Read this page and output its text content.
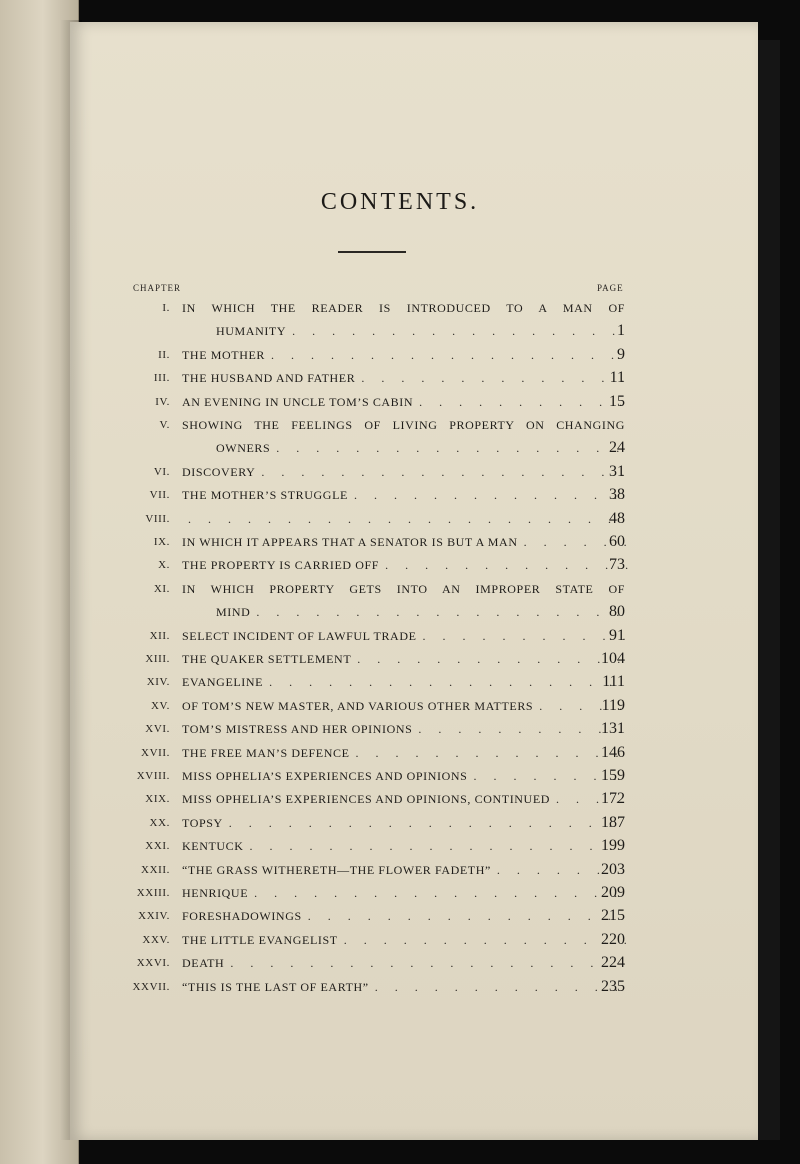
CONTENTS.
CHAPTER	PAGE
I. IN WHICH THE READER IS INTRODUCED TO A MAN OF
HUMANITY . . .	1
II. THE MOTHER . . .	9
III. THE HUSBAND AND FATHER . . .	11
IV. AN EVENING IN UNCLE TOM’S CABIN . . .	15
V. SHOWING THE FEELINGS OF LIVING PROPERTY ON CHANGING
OWNERS . . .	24
VI. DISCOVERY . . .	31
VII. THE MOTHER’S STRUGGLE . . .	38
VIII. . . .	48
IX. IN WHICH IT APPEARS THAT A SENATOR IS BUT A MAN . . .	60
X. THE PROPERTY IS CARRIED OFF . . .	73
XI. IN WHICH PROPERTY GETS INTO AN IMPROPER STATE OF
MIND . . .	80
XII. SELECT INCIDENT OF LAWFUL TRADE . . .	91
XIII. THE QUAKER SETTLEMENT . . .	104
XIV. EVANGELINE . . .	111
XV. OF TOM’S NEW MASTER, AND VARIOUS OTHER MATTERS . . .	119
XVI. TOM’S MISTRESS AND HER OPINIONS . . .	131
XVII. THE FREE MAN’S DEFENCE . . .	146
XVIII. MISS OPHELIA’S EXPERIENCES AND OPINIONS . . .	159
XIX. MISS OPHELIA’S EXPERIENCES AND OPINIONS, CONTINUED . . .	172
XX. TOPSY . . .	187
XXI. KENTUCK . . .	199
XXII. “THE GRASS WITHERETH—THE FLOWER FADETH” . . .	203
XXIII. HENRIQUE . . .	209
XXIV. FORESHADOWINGS . . .	215
XXV. THE LITTLE EVANGELIST . . .	220
XXVI. DEATH . . .	224
XXVII. “THIS IS THE LAST OF EARTH” . . .	235
